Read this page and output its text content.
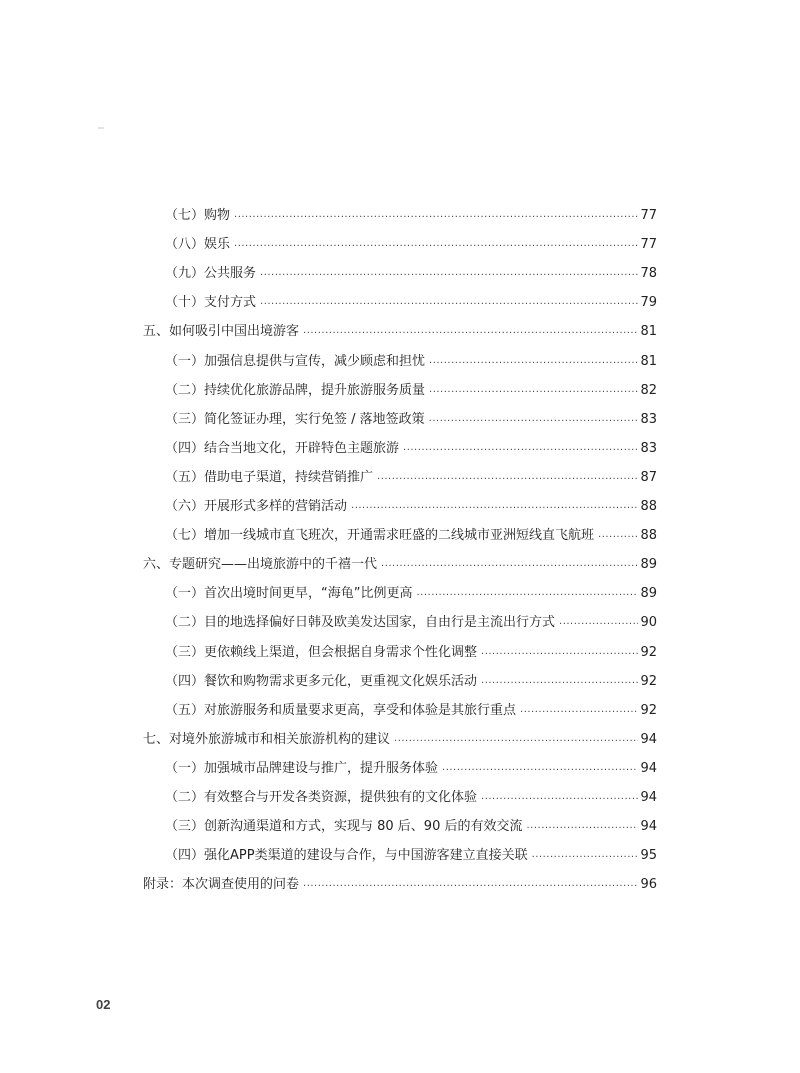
（七）购物 .....	77
（八）娱乐 .....	77
（九）公共服务 .....	78
（十）支付方式 .....	79
五、如何吸引中国出境游客 .....	81
（一）加强信息提供与宣传，减少顾虑和担忧 .....	81
（二）持续优化旅游品牌，提升旅游服务质量 .....	82
（三）简化签证办理，实行免签 / 落地签政策 .....	83
（四）结合当地文化，开辟特色主题旅游 .....	83
（五）借助电子渠道，持续营销推广 .....	87
（六）开展形式多样的营销活动 .....	88
（七）增加一线城市直飞班次，开通需求旺盛的二线城市亚洲短线直飞航班 .....	88
六、专题研究——出境旅游中的千禧一代 .....	89
（一）首次出境时间更早，“海龟”比例更高 .....	89
（二）目的地选择偏好日韩及欧美发达国家，自由行是主流出行方式 .....	90
（三）更依赖线上渠道，但会根据自身需求个性化调整 .....	92
（四）餐饮和购物需求更多元化，更重视文化娱乐活动 .....	92
（五）对旅游服务和质量要求更高，享受和体验是其旅行重点 .....	92
七、对境外旅游城市和相关旅游机构的建议 .....	94
（一）加强城市品牌建设与推广，提升服务体验 .....	94
（二）有效整合与开发各类资源，提供独有的文化体验 .....	94
（三）创新沟通渠道和方式，实现与 80 后、90 后的有效交流 .....	94
（四）强化APP类渠道的建设与合作，与中国游客建立直接关联 .....	95
附录：本次调查使用的问卷 .....	96
02
